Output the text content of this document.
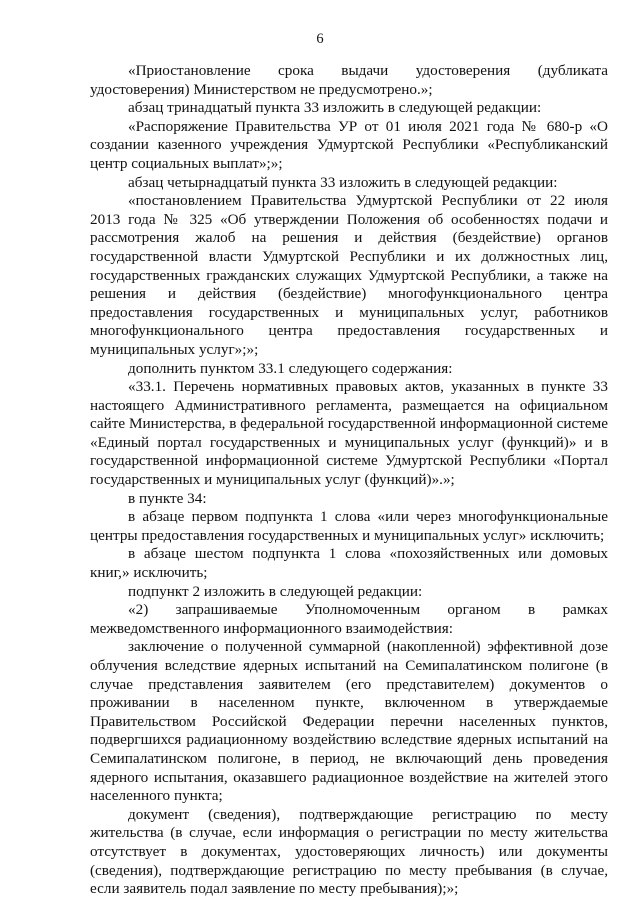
6

«Приостановление срока выдачи удостоверения (дубликата удостоверения) Министерством не предусмотрено.»;

абзац тринадцатый пункта 33 изложить в следующей редакции:

«Распоряжение Правительства УР от 01 июля 2021 года № 680-р «О создании казенного учреждения Удмуртской Республики «Республиканский центр социальных выплат»;»;

абзац четырнадцатый пункта 33 изложить в следующей редакции:

«постановлением Правительства Удмуртской Республики от 22 июля 2013 года № 325 «Об утверждении Положения об особенностях подачи и рассмотрения жалоб на решения и действия (бездействие) органов государственной власти Удмуртской Республики и их должностных лиц, государственных гражданских служащих Удмуртской Республики, а также на решения и действия (бездействие) многофункционального центра предоставления государственных и муниципальных услуг, работников многофункционального центра предоставления государственных и муниципальных услуг»;»;

дополнить пунктом 33.1 следующего содержания:

«33.1. Перечень нормативных правовых актов, указанных в пункте 33 настоящего Административного регламента, размещается на официальном сайте Министерства, в федеральной государственной информационной системе «Единый портал государственных и муниципальных услуг (функций)» и в государственной информационной системе Удмуртской Республики «Портал государственных и муниципальных услуг (функций)».»;

в пункте 34:

в абзаце первом подпункта 1 слова «или через многофункциональные центры предоставления государственных и муниципальных услуг» исключить;

в абзаце шестом подпункта 1 слова «похозяйственных или домовых книг,» исключить;

подпункт 2 изложить в следующей редакции:

«2) запрашиваемые Уполномоченным органом в рамках межведомственного информационного взаимодействия:

заключение о полученной суммарной (накопленной) эффективной дозе облучения вследствие ядерных испытаний на Семипалатинском полигоне (в случае представления заявителем (его представителем) документов о проживании в населенном пункте, включенном в утверждаемые Правительством Российской Федерации перечни населенных пунктов, подвергшихся радиационному воздействию вследствие ядерных испытаний на Семипалатинском полигоне, в период, не включающий день проведения ядерного испытания, оказавшего радиационное воздействие на жителей этого населенного пункта;

документ (сведения), подтверждающие регистрацию по месту жительства (в случае, если информация о регистрации по месту жительства отсутствует в документах, удостоверяющих личность) или документы (сведения), подтверждающие регистрацию по месту пребывания (в случае, если заявитель подал заявление по месту пребывания);»;
